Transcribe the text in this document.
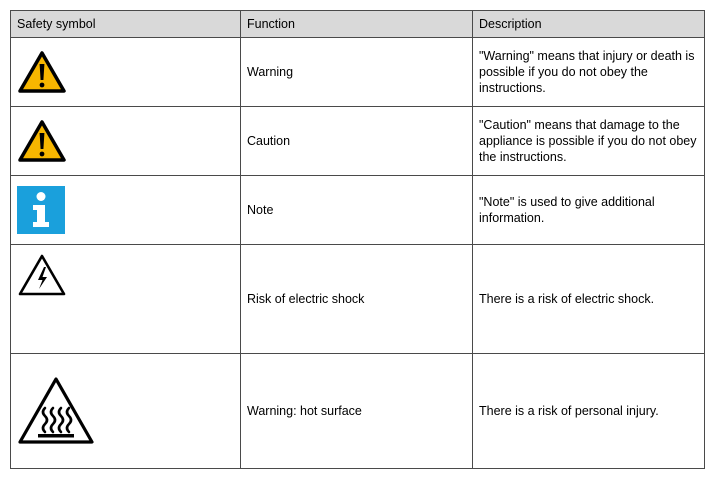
Safety symbol	Function	Description

	Warning	"Warning" means that injury or death is possible if you do not obey the instructions.

	Caution	"Caution" means that damage to the appliance is possible if you do not obey the instructions.

	Note	"Note" is used to give additional information.

	Risk of electric shock	There is a risk of electric shock.

	Warning: hot surface	There is a risk of personal injury.
